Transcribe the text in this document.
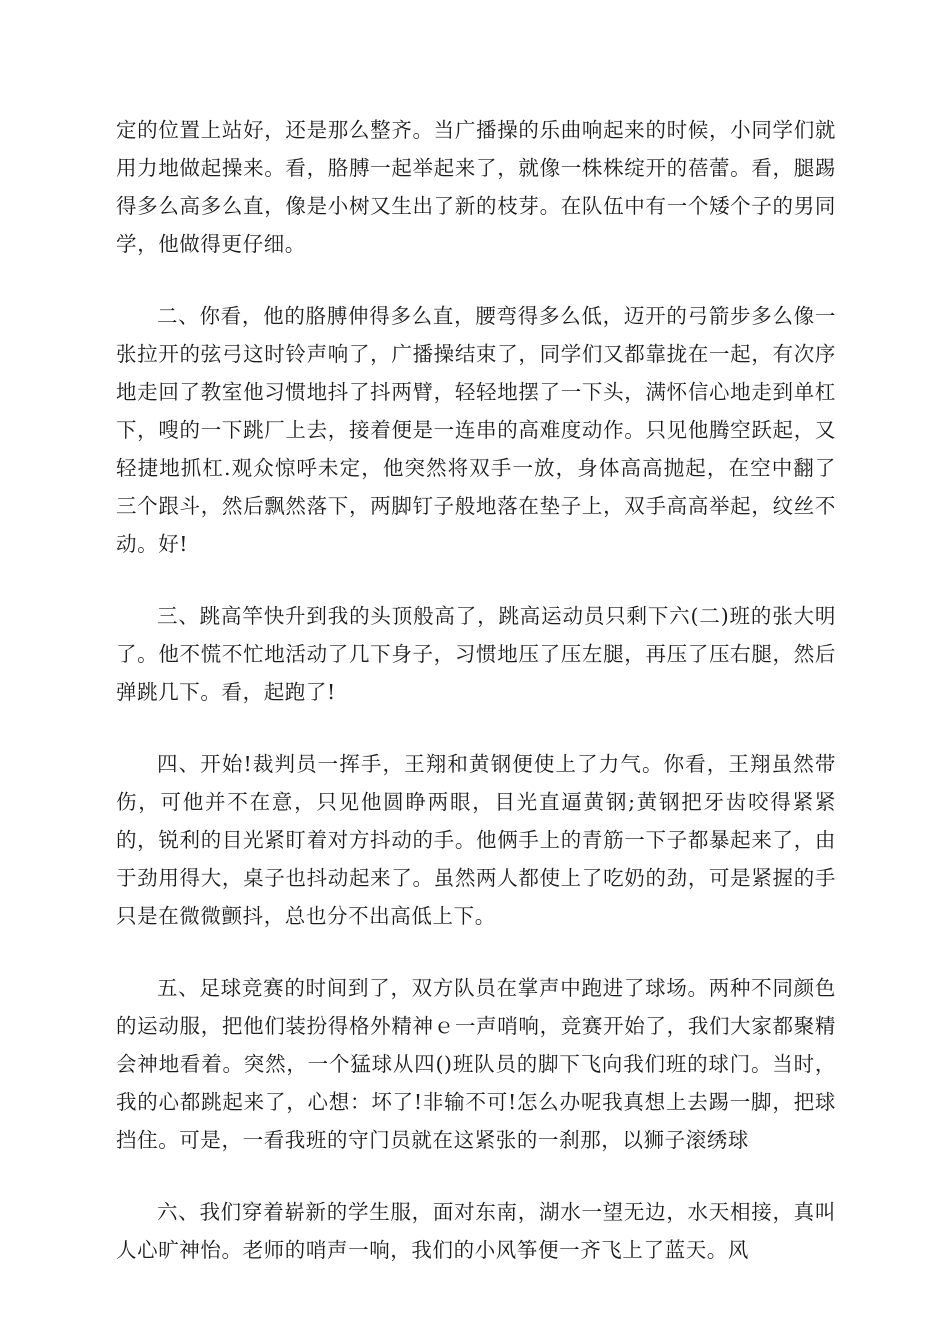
定的位置上站好，还是那么整齐。当广播操的乐曲响起来的时候，小同学们就用力地做起操来。看，胳膊一起举起来了，就像一株株绽开的蓓蕾。看，腿踢得多么高多么直，像是小树又生出了新的枝芽。在队伍中有一个矮个子的男同学，他做得更仔细。

二、你看，他的胳膊伸得多么直，腰弯得多么低，迈开的弓箭步多么像一张拉开的弦弓这时铃声响了，广播操结束了，同学们又都靠拢在一起，有次序地走回了教室他习惯地抖了抖两臂，轻轻地摆了一下头，满怀信心地走到单杠下，嗖的一下跳厂上去，接着便是一连串的高难度动作。只见他腾空跃起，又轻捷地抓杠.观众惊呼未定，他突然将双手一放，身体高高抛起，在空中翻了三个跟斗，然后飘然落下，两脚钉子般地落在垫子上，双手高高举起，纹丝不动。好!

三、跳高竿快升到我的头顶般高了，跳高运动员只剩下六(二)班的张大明了。他不慌不忙地活动了几下身子，习惯地压了压左腿，再压了压右腿，然后弹跳几下。看，起跑了!

四、开始!裁判员一挥手，王翔和黄钢便使上了力气。你看，王翔虽然带伤，可他并不在意，只见他圆睁两眼，目光直逼黄钢;黄钢把牙齿咬得紧紧的，锐利的目光紧盯着对方抖动的手。他俩手上的青筋一下子都暴起来了，由于劲用得大，桌子也抖动起来了。虽然两人都使上了吃奶的劲，可是紧握的手只是在微微颤抖，总也分不出高低上下。

五、足球竞赛的时间到了，双方队员在掌声中跑进了球场。两种不同颜色的运动服，把他们装扮得格外精神ｅ一声哨响，竞赛开始了，我们大家都聚精会神地看着。突然，一个猛球从四()班队员的脚下飞向我们班的球门。当时，我的心都跳起来了，心想：坏了!非输不可!怎么办呢我真想上去踢一脚，把球挡住。可是，一看我班的守门员就在这紧张的一刹那，以狮子滚绣球

六、我们穿着崭新的学生服，面对东南，湖水一望无边，水天相接，真叫人心旷神怡。老师的哨声一响，我们的小风筝便一齐飞上了蓝天。风
